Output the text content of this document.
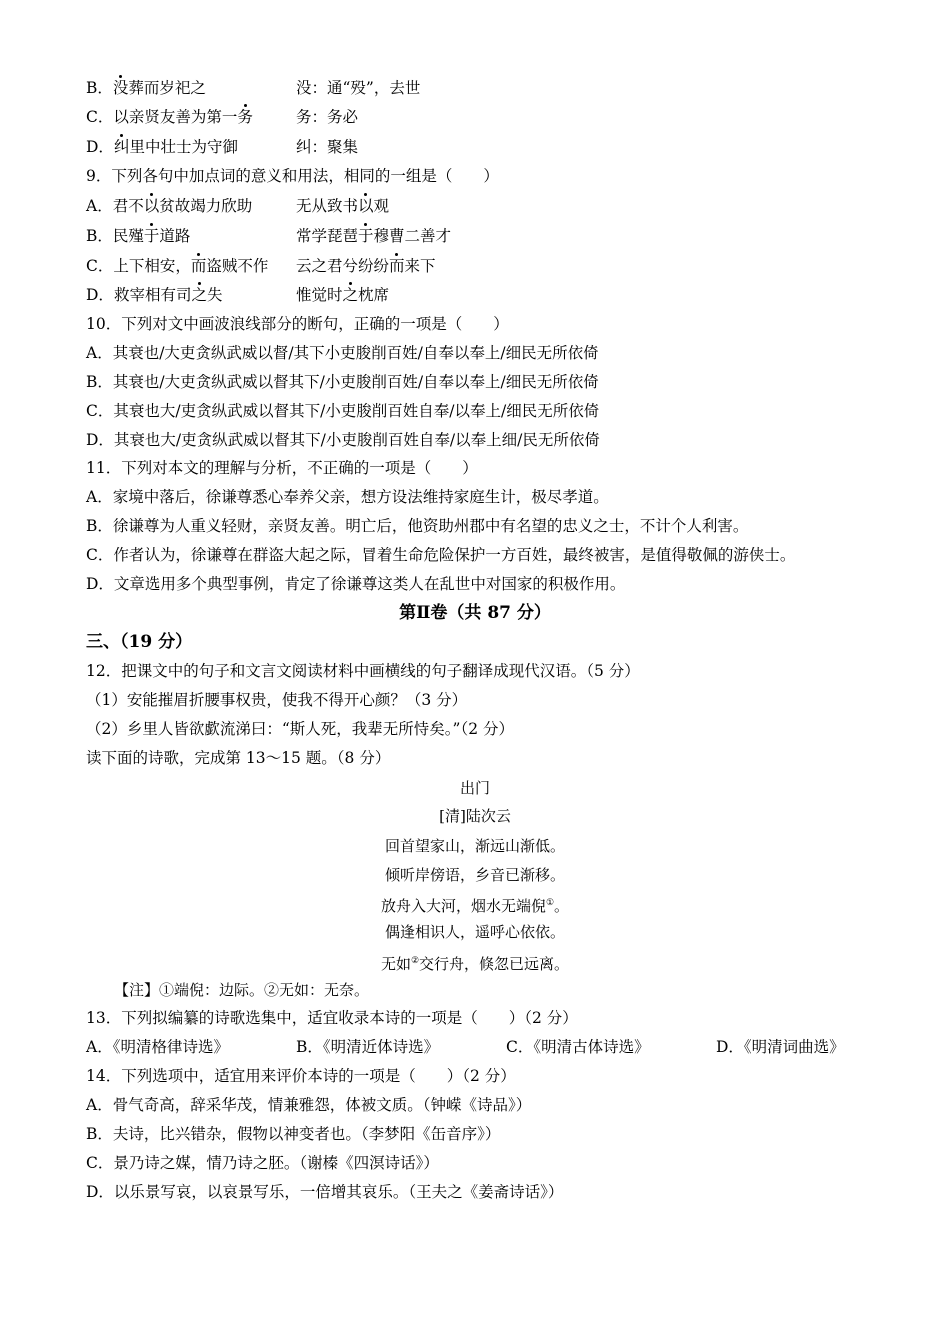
B．没葬而岁祀之	没：通“殁”，去世
C．以亲贤友善为第一务	务：务必
D．纠里中壮士为守御	纠：聚集
9．下列各句中加点词的意义和用法，相同的一组是（　　）
A．君不以贫故竭力欣助	无从致书以观
B．民殣于道路	常学琵琶于穆曹二善才
C．上下相安，而盗贼不作 云之君兮纷纷而来下
D．救宰相有司之失	惟觉时之枕席
10．下列对文中画波浪线部分的断句，正确的一项是（　　）
A．其衰也/大吏贪纵武威以督/其下小吏朘削百姓/自奉以奉上/细民无所依倚
B．其衰也/大吏贪纵武威以督其下/小吏朘削百姓/自奉以奉上/细民无所依倚
C．其衰也大/吏贪纵武威以督其下/小吏朘削百姓自奉/以奉上/细民无所依倚
D．其衰也大/吏贪纵武威以督其下/小吏朘削百姓自奉/以奉上细/民无所依倚
11．下列对本文的理解与分析，不正确的一项是（　　）
A．家境中落后，徐谦尊悉心奉养父亲，想方设法维持家庭生计，极尽孝道。
B．徐谦尊为人重义轻财，亲贤友善。明亡后，他资助州郡中有名望的忠义之士，不计个人利害。
C．作者认为，徐谦尊在群盗大起之际，冒着生命危险保护一方百姓，最终被害，是值得敬佩的游侠士。
D．文章选用多个典型事例，肯定了徐谦尊这类人在乱世中对国家的积极作用。
第Ⅱ卷（共 87 分）
三、（19 分）
12．把课文中的句子和文言文阅读材料中画横线的句子翻译成现代汉语。（5 分）
（1）安能摧眉折腰事权贵，使我不得开心颜？（3 分）
（2）乡里人皆欲歔流涕曰：“斯人死，我辈无所恃矣。”（2 分）
读下面的诗歌，完成第 13～15 题。（8 分）
出门
[清]陆次云
回首望家山，渐远山渐低。
倾听岸傍语，乡音已渐移。
放舟入大河，烟水无端倪①。
偶逢相识人，遥呼心依依。
无如②交行舟，倏忽已远离。
【注】①端倪：边际。②无如：无奈。
13．下列拟编纂的诗歌选集中，适宜收录本诗的一项是（　　）（2 分）
A．《明清格律诗选》	B．《明清近体诗选》	C．《明清古体诗选》	D．《明清词曲选》
14．下列选项中，适宜用来评价本诗的一项是（　　）（2 分）
A．骨气奇高，辞采华茂，情兼雅怨，体被文质。（钟嵘《诗品》）
B．夫诗，比兴错杂，假物以神变者也。（李梦阳《缶音序》）
C．景乃诗之媒，情乃诗之胚。（谢榛《四溟诗话》）
D．以乐景写哀，以哀景写乐，一倍增其哀乐。（王夫之《姜斋诗话》）
